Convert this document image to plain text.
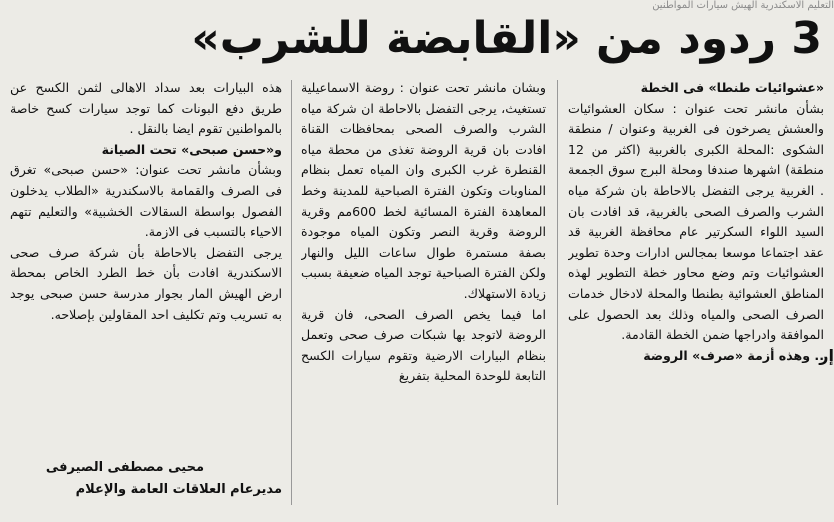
التعليم الاسكندرية الهيش سيارات المواطنين
3 ردود من «القابضة للشرب»

«عشوائيات طنطا» فى الخطة

بشأن مانشر تحت عنوان : سكان العشوائيات والعشش يصرخون فى الغربية وعنوان / منطقة الشكوى :المحلة الكبرى بالغربية (اكثر من 12 منطقة) اشهرها صندفا ومحلة البرج سوق الجمعة . الغربية يرجى التفضل بالاحاطة بان شركة مياه الشرب والصرف الصحى بالغربية، قد افادت بان السيد اللواء السكرتير عام محافظة الغربية قد عقد اجتماعا موسعا بمجالس ادارات وحدة تطوير العشوائيات وتم وضع محاور خطة التطوير لهذه المناطق العشوائية بطنطا والمحلة لادخال خدمات الصرف الصحى والمياه وذلك بعد الحصول على الموافقة وادراجها ضمن الخطة القادمة.

.. وهذه أزمة «صرف» الروضة

وبشان مانشر تحت عنوان : روضة الاسماعيلية تستغيث، يرجى التفضل بالاحاطة ان شركة مياه الشرب والصرف الصحى بمحافظات القناة افادت بان قرية الروضة تغذى من محطة مياه القنطرة غرب الكبرى وان المياه تعمل بنظام المناوبات وتكون الفترة الصباحية للمدينة وخط المعاهدة الفترة المسائية لخط 600مم وقرية الروضة وقرية النصر وتكون المياه موجودة بصفة مستمرة طوال ساعات الليل والنهار ولكن الفترة الصباحية توجد المياه ضعيفة بسبب زيادة الاستهلاك.

اما فيما يخص الصرف الصحى، فان قرية الروضة لاتوجد بها شبكات صرف صحى وتعمل بنظام البيارات الارضية وتقوم سيارات الكسح التابعة للوحدة المحلية بتفريغ

هذه البيارات بعد سداد الاهالى لثمن الكسح عن طريق دفع البونات كما توجد سيارات كسح خاصة بالمواطنين تقوم ايضا بالنقل .

و«حسن صبحى» تحت الصيانة

وبشأن مانشر تحت عنوان: «حسن صبحى» تغرق فى الصرف والقمامة بالاسكندرية «الطلاب يدخلون الفصول بواسطة السقالات الخشبية» والتعليم تتهم الاحياء بالتسبب فى الازمة.

يرجى التفضل بالاحاطة بأن شركة صرف صحى الاسكندرية افادت بأن خط الطرد الخاص بمحطة ارض الهيش المار بجوار مدرسة حسن صبحى يوجد به تسريب وتم تكليف احد المقاولين بإصلاحه.

محيى مصطفى الصيرفى
مديرعام العلاقات العامة والإعلام
إر
